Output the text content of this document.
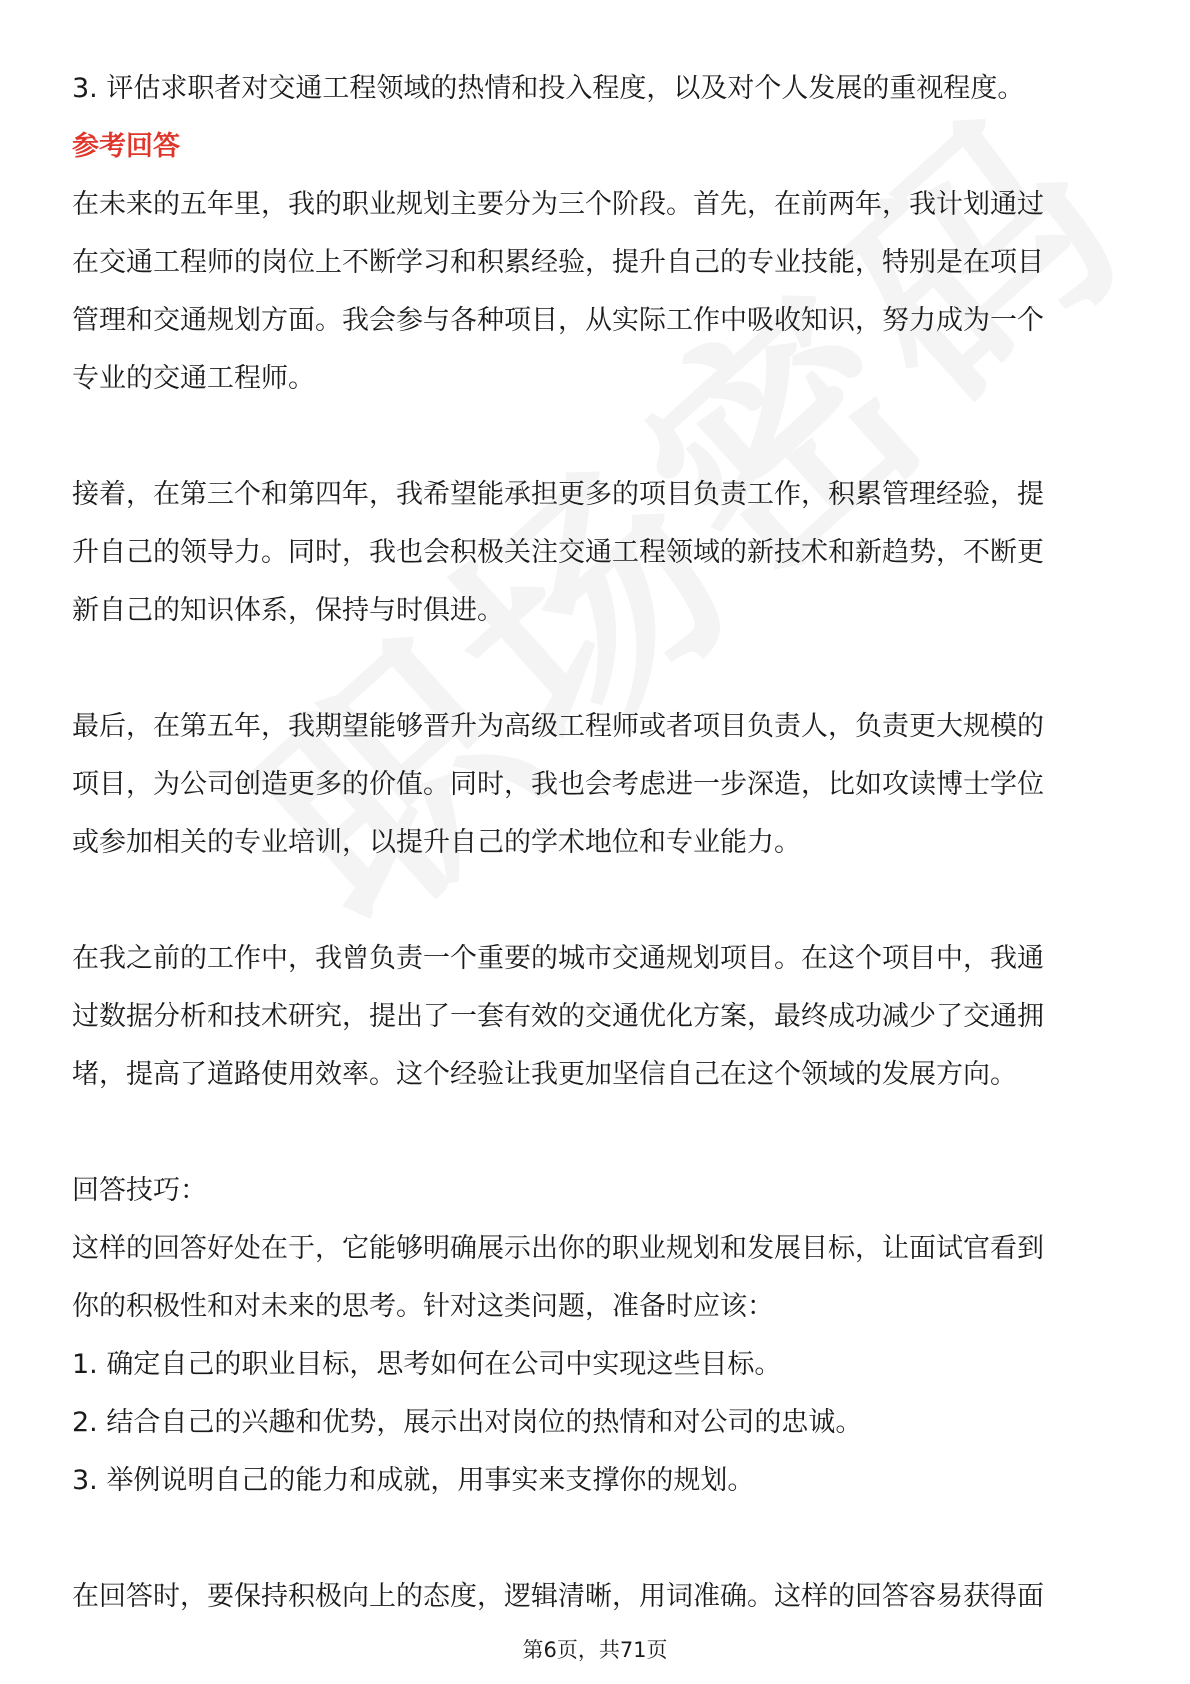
3. 评估求职者对交通工程领域的热情和投入程度，以及对个人发展的重视程度。

参考回答

在未来的五年里，我的职业规划主要分为三个阶段。首先，在前两年，我计划通过

在交通工程师的岗位上不断学习和积累经验，提升自己的专业技能，特别是在项目

管理和交通规划方面。我会参与各种项目，从实际工作中吸收知识，努力成为一个

专业的交通工程师。

接着，在第三个和第四年，我希望能承担更多的项目负责工作，积累管理经验，提

升自己的领导力。同时，我也会积极关注交通工程领域的新技术和新趋势，不断更

新自己的知识体系，保持与时俱进。

最后，在第五年，我期望能够晋升为高级工程师或者项目负责人，负责更大规模的

项目，为公司创造更多的价值。同时，我也会考虑进一步深造，比如攻读博士学位

或参加相关的专业培训，以提升自己的学术地位和专业能力。

在我之前的工作中，我曾负责一个重要的城市交通规划项目。在这个项目中，我通

过数据分析和技术研究，提出了一套有效的交通优化方案，最终成功减少了交通拥

堵，提高了道路使用效率。这个经验让我更加坚信自己在这个领域的发展方向。

回答技巧：

这样的回答好处在于，它能够明确展示出你的职业规划和发展目标，让面试官看到

你的积极性和对未来的思考。针对这类问题，准备时应该：

1. 确定自己的职业目标，思考如何在公司中实现这些目标。

2. 结合自己的兴趣和优势，展示出对岗位的热情和对公司的忠诚。

3. 举例说明自己的能力和成就，用事实来支撑你的规划。

在回答时，要保持积极向上的态度，逻辑清晰，用词准确。这样的回答容易获得面

第6页，共71页
